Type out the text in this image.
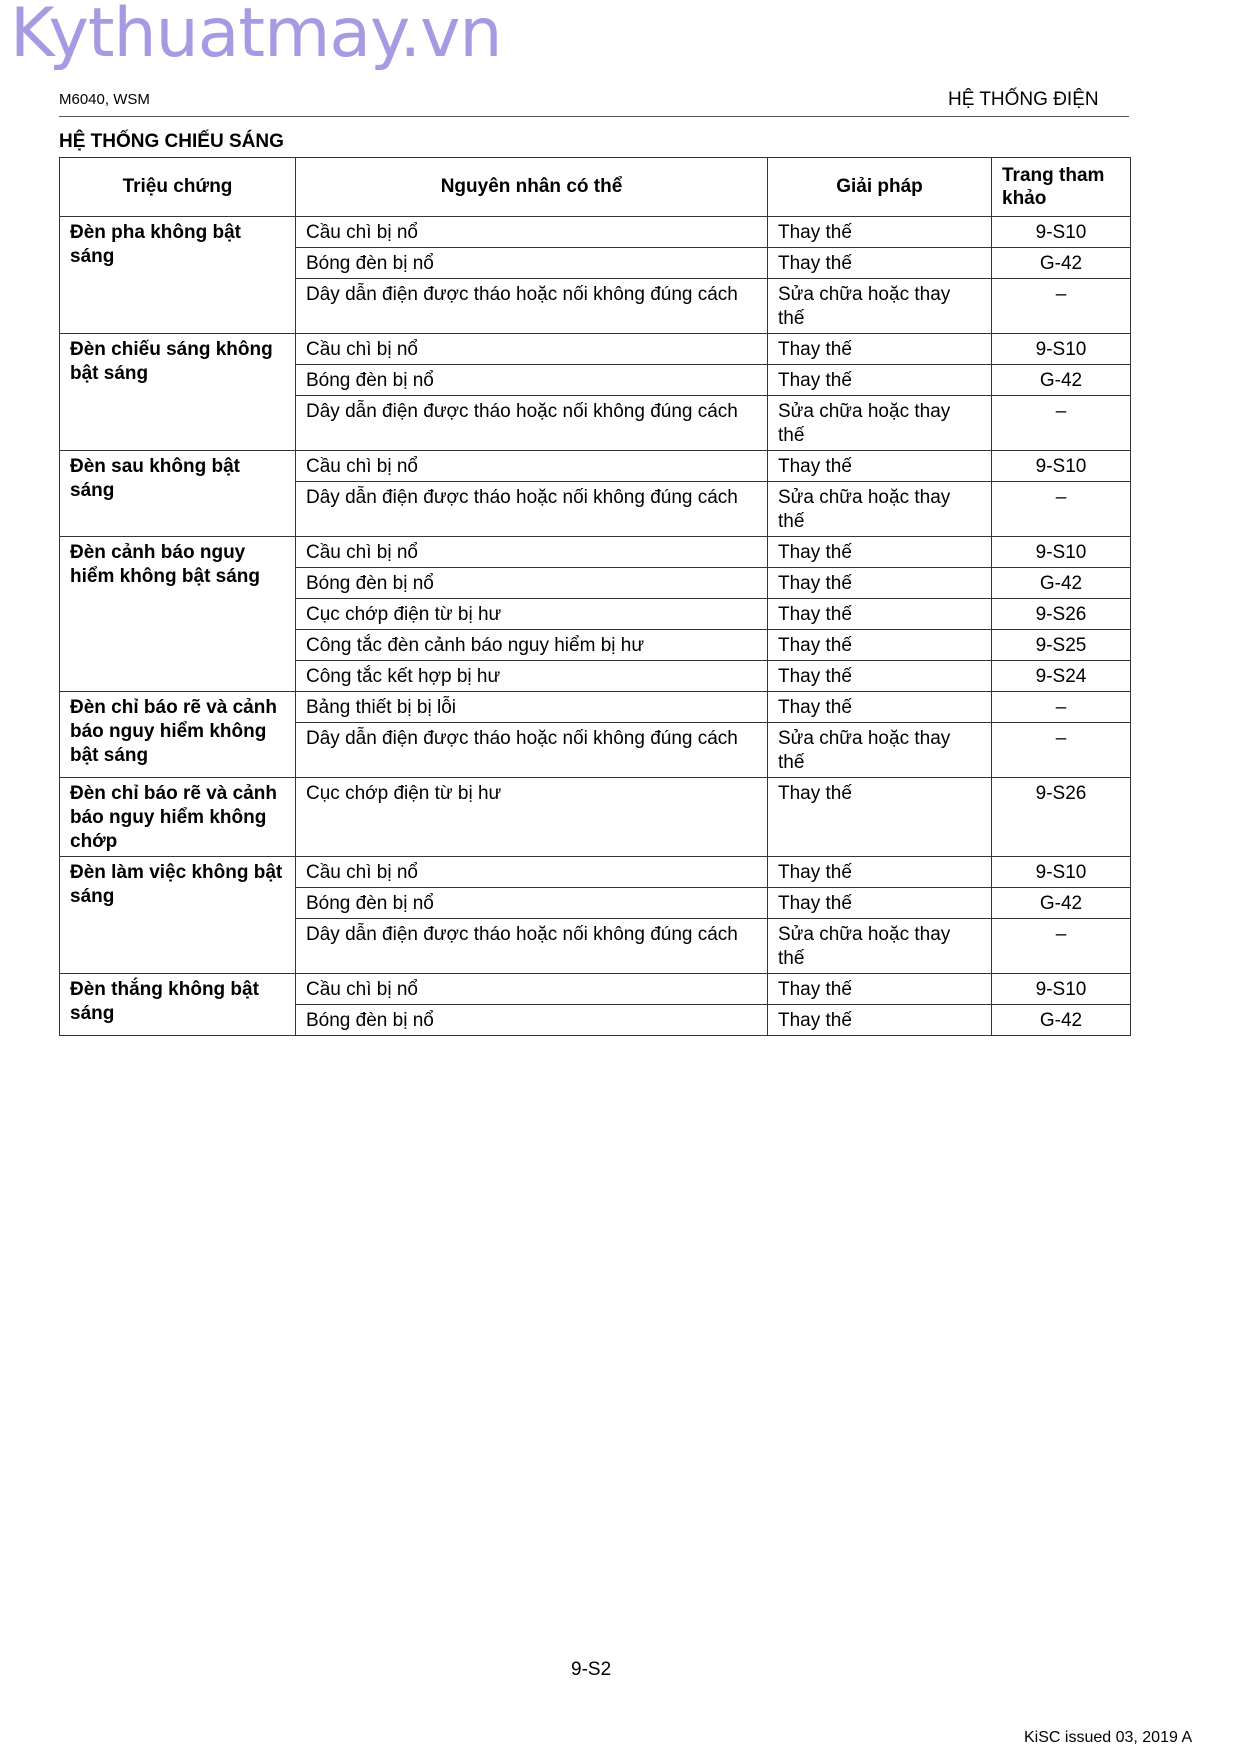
Kythuatmay.vn
M6040, WSM	HỆ THỐNG ĐIỆN
HỆ THỐNG CHIẾU SÁNG
Triệu chứng	Nguyên nhân có thể	Giải pháp	Trang tham khảo
Đèn pha không bật sáng	Cầu chì bị nổ	Thay thế	9-S10
	Bóng đèn bị nổ	Thay thế	G-42
	Dây dẫn điện được tháo hoặc nối không đúng cách	Sửa chữa hoặc thay thế	–
Đèn chiếu sáng không bật sáng	Cầu chì bị nổ	Thay thế	9-S10
	Bóng đèn bị nổ	Thay thế	G-42
	Dây dẫn điện được tháo hoặc nối không đúng cách	Sửa chữa hoặc thay thế	–
Đèn sau không bật sáng	Cầu chì bị nổ	Thay thế	9-S10
	Dây dẫn điện được tháo hoặc nối không đúng cách	Sửa chữa hoặc thay thế	–
Đèn cảnh báo nguy hiểm không bật sáng	Cầu chì bị nổ	Thay thế	9-S10
	Bóng đèn bị nổ	Thay thế	G-42
	Cục chớp điện từ bị hư	Thay thế	9-S26
	Công tắc đèn cảnh báo nguy hiểm bị hư	Thay thế	9-S25
	Công tắc kết hợp bị hư	Thay thế	9-S24
Đèn chỉ báo rẽ và cảnh báo nguy hiểm không bật sáng	Bảng thiết bị bị lỗi	Thay thế	–
	Dây dẫn điện được tháo hoặc nối không đúng cách	Sửa chữa hoặc thay thế	–
Đèn chỉ báo rẽ và cảnh báo nguy hiểm không chớp	Cục chớp điện từ bị hư	Thay thế	9-S26
Đèn làm việc không bật sáng	Cầu chì bị nổ	Thay thế	9-S10
	Bóng đèn bị nổ	Thay thế	G-42
	Dây dẫn điện được tháo hoặc nối không đúng cách	Sửa chữa hoặc thay thế	–
Đèn thắng không bật sáng	Cầu chì bị nổ	Thay thế	9-S10
	Bóng đèn bị nổ	Thay thế	G-42
9-S2
KiSC issued 03, 2019 A
